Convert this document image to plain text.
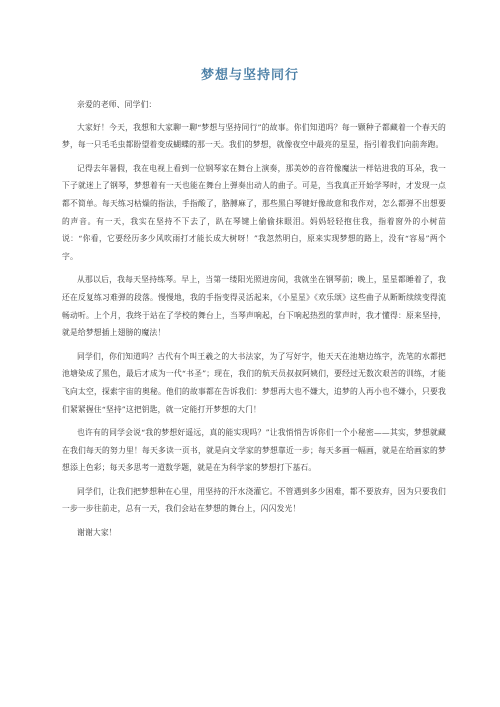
梦想与坚持同行

亲爱的老师、同学们：

大家好！今天，我想和大家聊一聊“梦想与坚持同行”的故事。你们知道吗？每一颗种子都藏着一个春天的梦，每一只毛毛虫都盼望着变成蝴蝶的那一天。我们的梦想，就像夜空中最亮的星星，指引着我们向前奔跑。

记得去年暑假，我在电视上看到一位钢琴家在舞台上演奏，那美妙的音符像魔法一样钻进我的耳朵，我一下子就迷上了钢琴，梦想着有一天也能在舞台上弹奏出动人的曲子。可是，当我真正开始学琴时，才发现一点都不简单。每天练习枯燥的指法，手指酸了，胳膊麻了，那些黑白琴键好像故意和我作对，怎么都弹不出想要的声音。有一天，我实在坚持不下去了，趴在琴键上偷偷抹眼泪。妈妈轻轻抱住我，指着窗外的小树苗说：“你看，它要经历多少风吹雨打才能长成大树呀！”我忽然明白，原来实现梦想的路上，没有“容易”两个字。

从那以后，我每天坚持练琴。早上，当第一缕阳光照进房间，我就坐在钢琴前；晚上，星星都睡着了，我还在反复练习难弹的段落。慢慢地，我的手指变得灵活起来，《小星星》《欢乐颂》这些曲子从断断续续变得流畅动听。上个月，我终于站在了学校的舞台上，当琴声响起，台下响起热烈的掌声时，我才懂得：原来坚持，就是给梦想插上翅膀的魔法！

同学们，你们知道吗？古代有个叫王羲之的大书法家，为了写好字，他天天在池塘边练字，洗笔的水都把池塘染成了黑色，最后才成为一代“书圣”；现在，我们的航天员叔叔阿姨们，要经过无数次艰苦的训练，才能飞向太空，探索宇宙的奥秘。他们的故事都在告诉我们：梦想再大也不嫌大，追梦的人再小也不嫌小，只要我们紧紧握住“坚持”这把钥匙，就一定能打开梦想的大门！

也许有的同学会说“我的梦想好遥远，真的能实现吗？”让我悄悄告诉你们一个小秘密——其实，梦想就藏在我们每天的努力里！每天多读一页书，就是向文学家的梦想靠近一步；每天多画一幅画，就是在给画家的梦想添上色彩；每天多思考一道数学题，就是在为科学家的梦想打下基石。

同学们，让我们把梦想种在心里，用坚持的汗水浇灌它。不管遇到多少困难，都不要放弃，因为只要我们一步一步往前走，总有一天，我们会站在梦想的舞台上，闪闪发光！

谢谢大家！
